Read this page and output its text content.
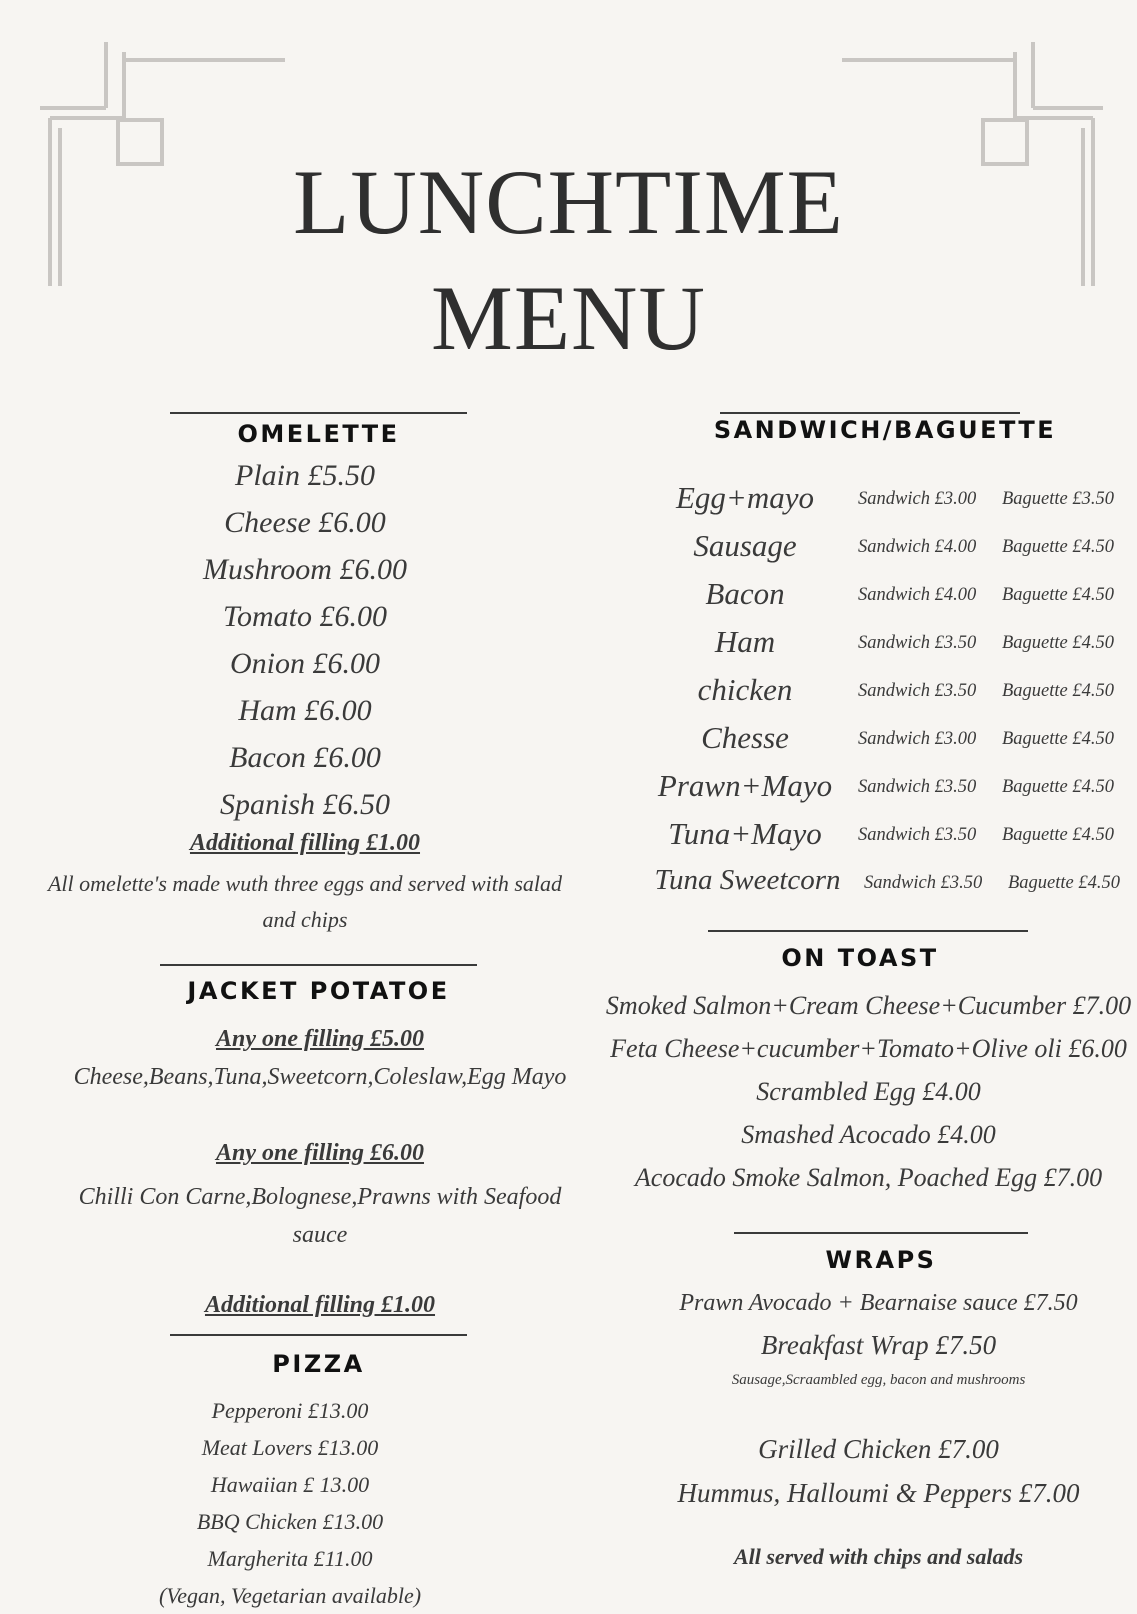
LUNCHTIME
MENU
OMELETTE
Plain £5.50
Cheese £6.00
Mushroom £6.00
Tomato £6.00
Onion £6.00
Ham £6.00
Bacon £6.00
Spanish £6.50
Additional filling £1.00
All omelette's made wuth three eggs and served with salad
and chips
JACKET POTATOE
Any one filling £5.00
Cheese,Beans,Tuna,Sweetcorn,Coleslaw,Egg Mayo
Any one filling £6.00
Chilli Con Carne,Bolognese,Prawns with Seafood
sauce
Additional filling £1.00
PIZZA
Pepperoni £13.00
Meat Lovers £13.00
Hawaiian £ 13.00
BBQ Chicken £13.00
Margherita £11.00
(Vegan, Vegetarian available)
SANDWICH/BAGUETTE
Egg+mayo	Sandwich £3.00 Baguette £3.50
Sausage	Sandwich £4.00 Baguette £4.50
Bacon	Sandwich £4.00 Baguette £4.50
Ham	Sandwich £3.50 Baguette £4.50
chicken	Sandwich £3.50 Baguette £4.50
Chesse	Sandwich £3.00 Baguette £4.50
Prawn+Mayo	Sandwich £3.50 Baguette £4.50
Tuna+Mayo	Sandwich £3.50 Baguette £4.50
Tuna Sweetcorn	Sandwich £3.50 Baguette £4.50
ON TOAST
Smoked Salmon+Cream Cheese+Cucumber £7.00
Feta Cheese+cucumber+Tomato+Olive oli £6.00
Scrambled Egg £4.00
Smashed Acocado £4.00
Acocado Smoke Salmon, Poached Egg £7.00
WRAPS
Prawn Avocado + Bearnaise sauce £7.50
Breakfast Wrap £7.50
Sausage,Scraambled egg, bacon and mushrooms
Grilled Chicken £7.00
Hummus, Halloumi & Peppers £7.00
All served with chips and salads
